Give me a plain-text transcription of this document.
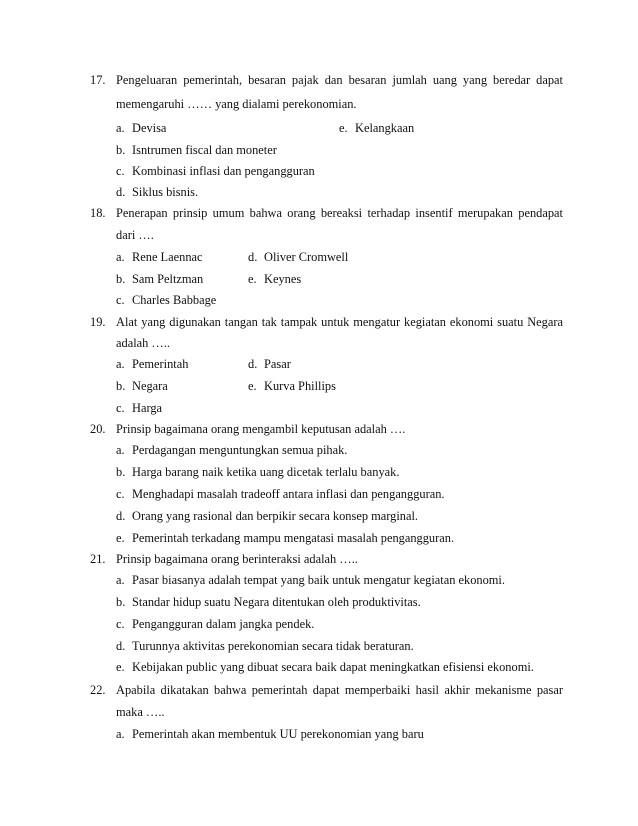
17. Pengeluaran pemerintah, besaran pajak dan besaran jumlah uang yang beredar dapat
memengaruhi …… yang dialami perekonomian.
a. Devisa	e. Kelangkaan
b. Isntrumen fiscal dan moneter
c. Kombinasi inflasi dan pengangguran
d. Siklus bisnis.
18. Penerapan prinsip umum bahwa orang bereaksi terhadap insentif merupakan pendapat
dari ….
a. Rene Laennac	d. Oliver Cromwell
b. Sam Peltzman	e. Keynes
c. Charles Babbage
19. Alat yang digunakan tangan tak tampak untuk mengatur kegiatan ekonomi suatu Negara
adalah …..
a. Pemerintah	d. Pasar
b. Negara	e. Kurva Phillips
c. Harga
20. Prinsip bagaimana orang mengambil keputusan adalah ….
a. Perdagangan menguntungkan semua pihak.
b. Harga barang naik ketika uang dicetak terlalu banyak.
c. Menghadapi masalah tradeoff antara inflasi dan pengangguran.
d. Orang yang rasional dan berpikir secara konsep marginal.
e. Pemerintah terkadang mampu mengatasi masalah pengangguran.
21. Prinsip bagaimana orang berinteraksi adalah …..
a. Pasar biasanya adalah tempat yang baik untuk mengatur kegiatan ekonomi.
b. Standar hidup suatu Negara ditentukan oleh produktivitas.
c. Pengangguran dalam jangka pendek.
d. Turunnya aktivitas perekonomian secara tidak beraturan.
e. Kebijakan public yang dibuat secara baik dapat meningkatkan efisiensi ekonomi.
22. Apabila dikatakan bahwa pemerintah dapat memperbaiki hasil akhir mekanisme pasar
maka …..
a. Pemerintah akan membentuk UU perekonomian yang baru
